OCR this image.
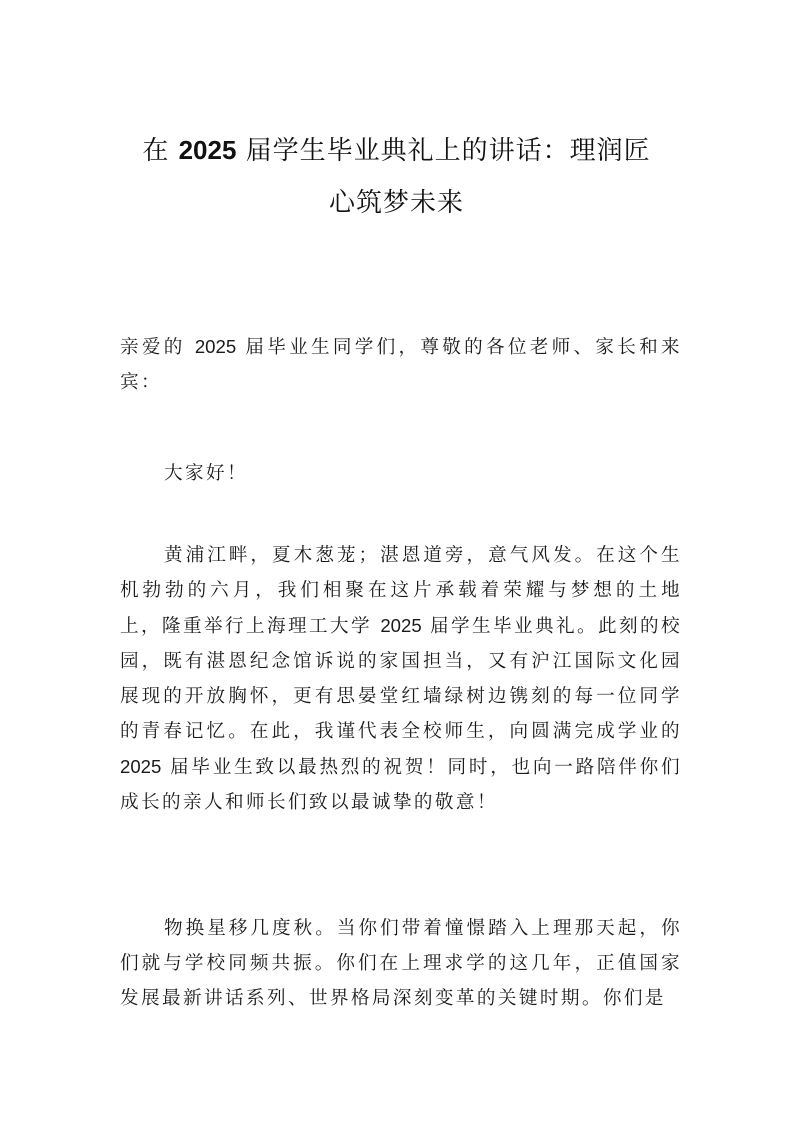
在 2025 届学生毕业典礼上的讲话：理润匠
心筑梦未来

亲爱的 2025 届毕业生同学们，尊敬的各位老师、家长和来宾：

大家好！

黄浦江畔，夏木葱茏；湛恩道旁，意气风发。在这个生机勃勃的六月，我们相聚在这片承载着荣耀与梦想的土地上，隆重举行上海理工大学 2025 届学生毕业典礼。此刻的校园，既有湛恩纪念馆诉说的家国担当，又有沪江国际文化园展现的开放胸怀，更有思晏堂红墙绿树边镌刻的每一位同学的青春记忆。在此，我谨代表全校师生，向圆满完成学业的 2025 届毕业生致以最热烈的祝贺！同时，也向一路陪伴你们成长的亲人和师长们致以最诚挚的敬意！

物换星移几度秋。当你们带着憧憬踏入上理那天起，你们就与学校同频共振。你们在上理求学的这几年，正值国家发展最新讲话系列、世界格局深刻变革的关键时期。你们是
